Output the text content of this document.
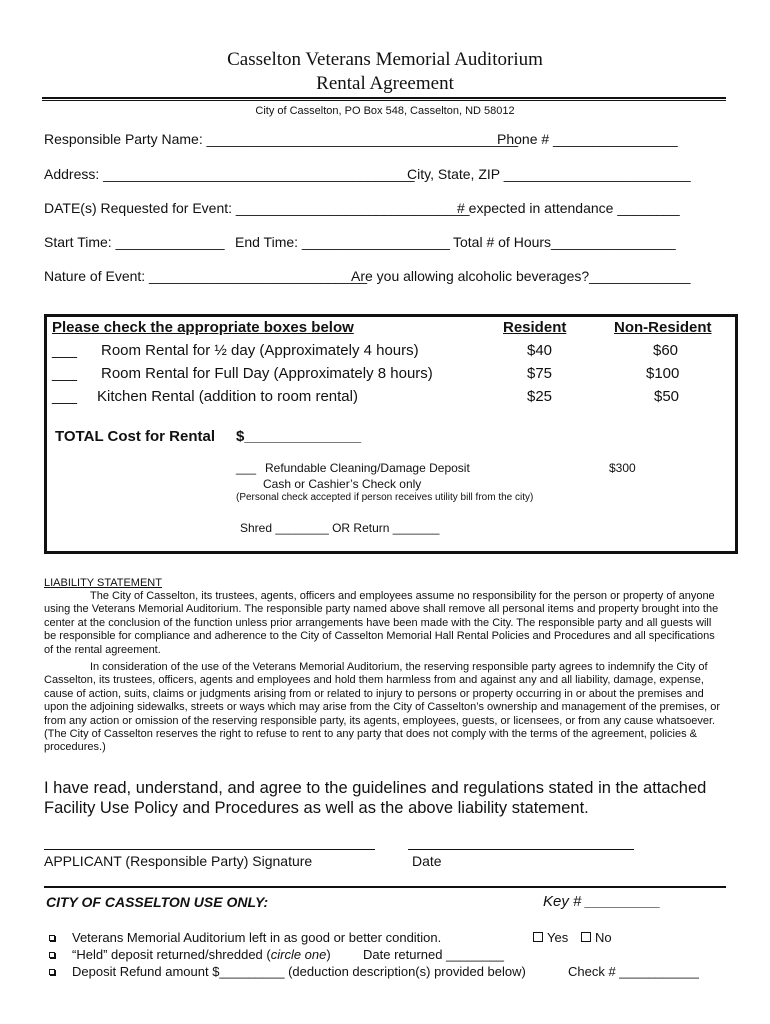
Casselton Veterans Memorial Auditorium
Rental Agreement
City of Casselton, PO Box 548, Casselton, ND 58012
Responsible Party Name: ________________________________________
Phone # ________________
Address: ________________________________________
City, State, ZIP ________________________
DATE(s) Requested for Event: ______________________________
# expected in attendance ________
Start Time: ______________ End Time: ___________________ Total # of Hours________________
Nature of Event: ____________________________
Are you allowing alcoholic beverages?_____________
Please check the appropriate boxes below	Resident	Non-Resident
___ Room Rental for ½ day (Approximately 4 hours)	$40	$60
___ Room Rental for Full Day (Approximately 8 hours)	$75	$100
___ Kitchen Rental (addition to room rental)	$25	$50
TOTAL Cost for Rental $______________
___ Refundable Cleaning/Damage Deposit	$300
Cash or Cashier’s Check only
(Personal check accepted if person receives utility bill from the city)
Shred ________ OR Return _______
LIABILITY STATEMENT
The City of Casselton, its trustees, agents, officers and employees assume no responsibility for the person or property of anyone using the Veterans Memorial Auditorium. The responsible party named above shall remove all personal items and property brought into the center at the conclusion of the function unless prior arrangements have been made with the City. The responsible party and all guests will be responsible for compliance and adherence to the City of Casselton Memorial Hall Rental Policies and Procedures and all specifications of the rental agreement.
In consideration of the use of the Veterans Memorial Auditorium, the reserving responsible party agrees to indemnify the City of Casselton, its trustees, officers, agents and employees and hold them harmless from and against any and all liability, damage, expense, cause of action, suits, claims or judgments arising from or related to injury to persons or property occurring in or about the premises and upon the adjoining sidewalks, streets or ways which may arise from the City of Casselton’s ownership and management of the premises, or from any action or omission of the reserving responsible party, its agents, employees, guests, or licensees, or from any cause whatsoever. (The City of Casselton reserves the right to refuse to rent to any party that does not comply with the terms of the agreement, policies & procedures.)
I have read, understand, and agree to the guidelines and regulations stated in the attached Facility Use Policy and Procedures as well as the above liability statement.
APPLICANT (Responsible Party) Signature	Date
CITY OF CASSELTON USE ONLY:	Key # _________
Veterans Memorial Auditorium left in as good or better condition.	Yes No
“Held” deposit returned/shredded (circle one) Date returned ________
Deposit Refund amount $_________ (deduction description(s) provided below)	Check # ___________
